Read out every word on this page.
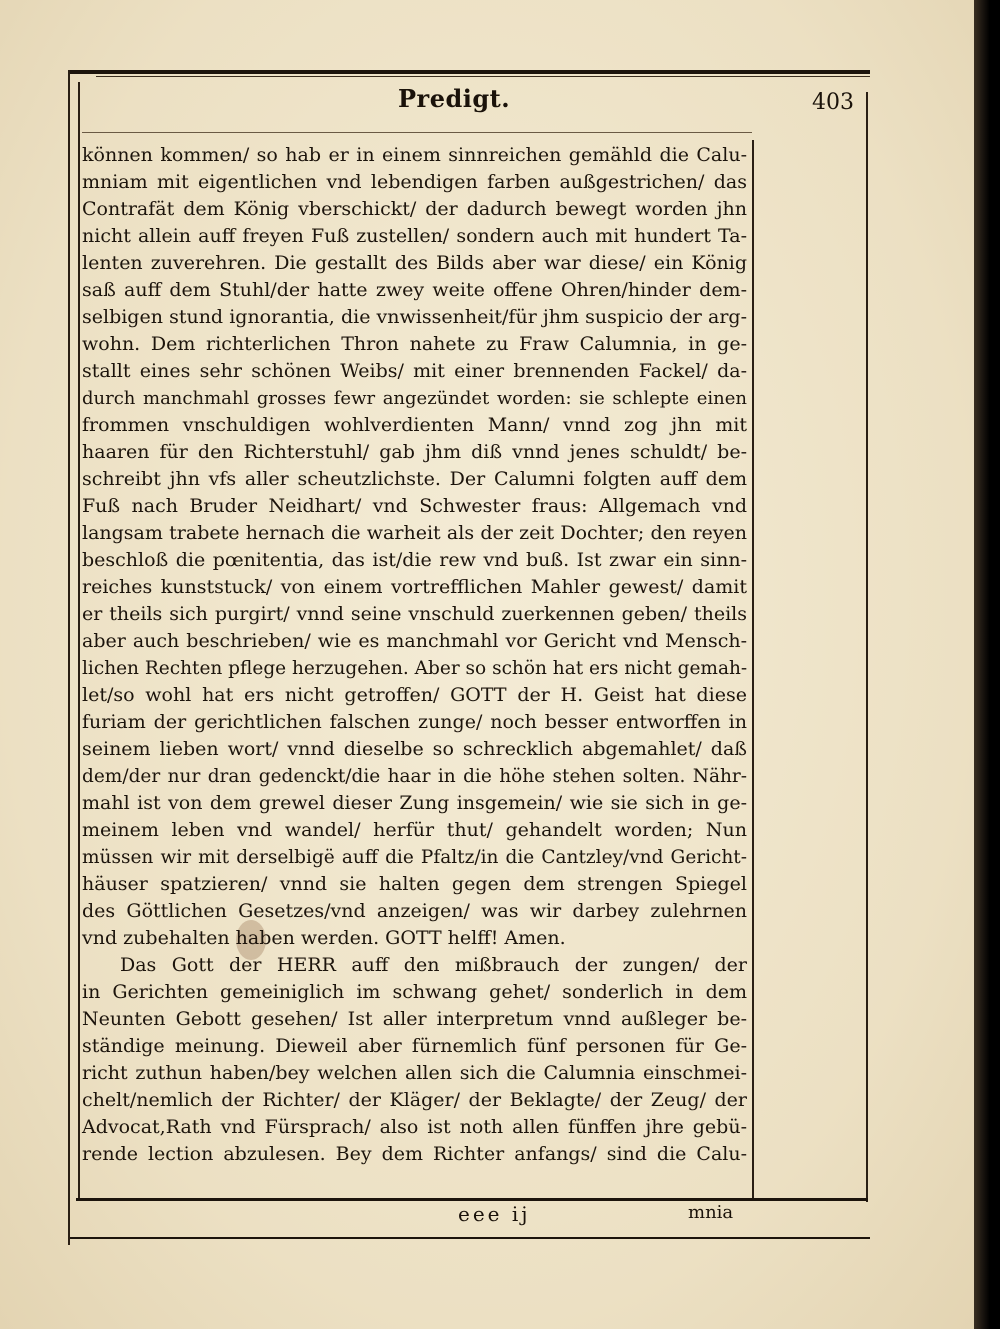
Predigt.	403
können kommen/ so hab er in einem sinnreichen gemähld die Calu-
mniam mit eigentlichen vnd lebendigen farben außgestrichen/ das
Contrafät dem König vberschickt/ der dadurch bewegt worden jhn
nicht allein auff freyen Fuß zustellen/ sondern auch mit hundert Ta-
lenten zuverehren. Die gestallt des Bilds aber war diese/ ein König
saß auff dem Stuhl/der hatte zwey weite offene Ohren/hinder dem-
selbigen stund ignorantia, die vnwissenheit/für jhm suspicio der arg-
wohn. Dem richterlichen Thron nahete zu Fraw Calumnia, in ge-
stallt eines sehr schönen Weibs/ mit einer brennenden Fackel/ da-
durch manchmahl grosses fewr angezündet worden: sie schlepte einen
frommen vnschuldigen wohlverdienten Mann/ vnnd zog jhn mit
haaren für den Richterstuhl/ gab jhm diß vnnd jenes schuldt/ be-
schreibt jhn vfs aller scheutzlichste. Der Calumni folgten auff dem
Fuß nach Bruder Neidhart/ vnd Schwester fraus: Allgemach vnd
langsam trabete hernach die warheit als der zeit Dochter; den reyen
beschloß die pœnitentia, das ist/die rew vnd buß. Ist zwar ein sinn-
reiches kunststuck/ von einem vortrefflichen Mahler gewest/ damit
er theils sich purgirt/ vnnd seine vnschuld zuerkennen geben/ theils
aber auch beschrieben/ wie es manchmahl vor Gericht vnd Mensch-
lichen Rechten pflege herzugehen. Aber so schön hat ers nicht gemah-
let/so wohl hat ers nicht getroffen/ GOTT der H. Geist hat diese
furiam der gerichtlichen falschen zunge/ noch besser entworffen in
seinem lieben wort/ vnnd dieselbe so schrecklich abgemahlet/ daß
dem/der nur dran gedenckt/die haar in die höhe stehen solten. Nähr-
mahl ist von dem grewel dieser Zung insgemein/ wie sie sich in ge-
meinem leben vnd wandel/ herfür thut/ gehandelt worden; Nun
müssen wir mit derselbigë auff die Pfaltz/in die Cantzley/vnd Gericht-
häuser spatzieren/ vnnd sie halten gegen dem strengen Spiegel
des Göttlichen Gesetzes/vnd anzeigen/ was wir darbey zulehrnen
vnd zubehalten haben werden. GOTT helff! Amen.
Das Gott der HERR auff den mißbrauch der zungen/ der
in Gerichten gemeiniglich im schwang gehet/ sonderlich in dem
Neunten Gebott gesehen/ Ist aller interpretum vnnd außleger be-
ständige meinung. Dieweil aber fürnemlich fünf personen für Ge-
richt zuthun haben/bey welchen allen sich die Calumnia einschmei-
chelt/nemlich der Richter/ der Kläger/ der Beklagte/ der Zeug/ der
Advocat,Rath vnd Fürsprach/ also ist noth allen fünffen jhre gebü-
rende lection abzulesen. Bey dem Richter anfangs/ sind die Calu-
eee ij	mnia
